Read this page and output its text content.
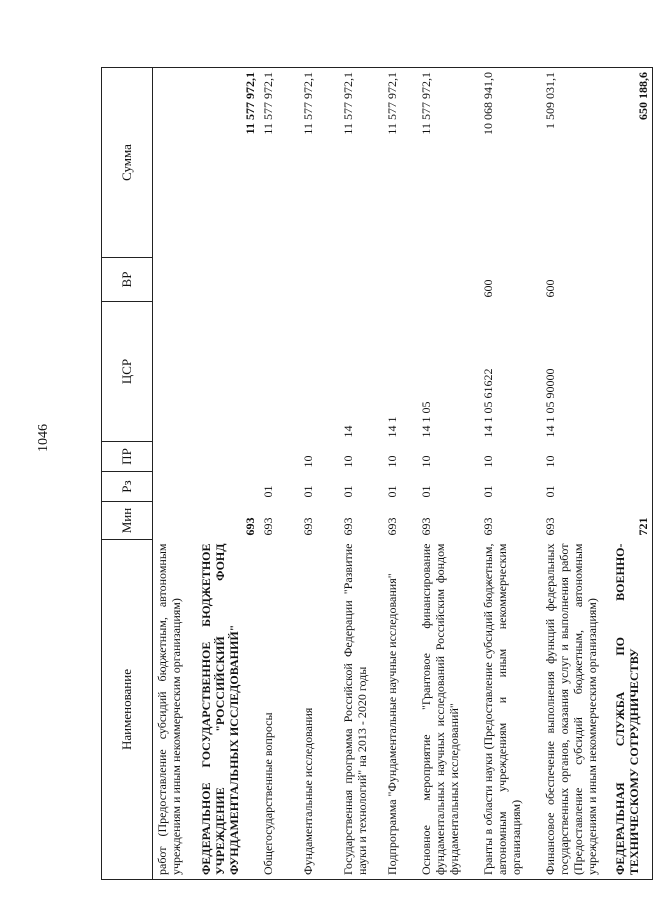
1046
Наименование	Мин	Рз	ПР	ЦСР	ВР	Сумма
работ (Предоставление субсидий бюджетным, автономным учреждениям и иным некоммерческим организациям)						
ФЕДЕРАЛЬНОЕ ГОСУДАРСТВЕННОЕ БЮДЖЕТНОЕ УЧРЕЖДЕНИЕ "РОССИЙСКИЙ ФОНД ФУНДАМЕНТАЛЬНЫХ ИССЛЕДОВАНИЙ"	693					11 577 972,1
Общегосударственные вопросы	693	01				11 577 972,1
Фундаментальные исследования	693	01	10			11 577 972,1
Государственная программа Российской Федерации "Развитие науки и технологий" на 2013 - 2020 годы	693	01	10	14		11 577 972,1
Подпрограмма "Фундаментальные научные исследования"	693	01	10	14 1		11 577 972,1
Основное мероприятие "Грантовое финансирование фундаментальных научных исследований Российским фондом фундаментальных исследований"	693	01	10	14 1 05		11 577 972,1
Гранты в области науки (Предоставление субсидий бюджетным, автономным учреждениям и иным некоммерческим организациям)	693	01	10	14 1 05 61622	600	10 068 941,0
Финансовое обеспечение выполнения функций федеральных государственных органов, оказания услуг и выполнения работ (Предоставление субсидий бюджетным, автономным учреждениям и иным некоммерческим организациям)	693	01	10	14 1 05 90000	600	1 509 031,1
ФЕДЕРАЛЬНАЯ СЛУЖБА ПО ВОЕННО-ТЕХНИЧЕСКОМУ СОТРУДНИЧЕСТВУ	721					650 188,6
